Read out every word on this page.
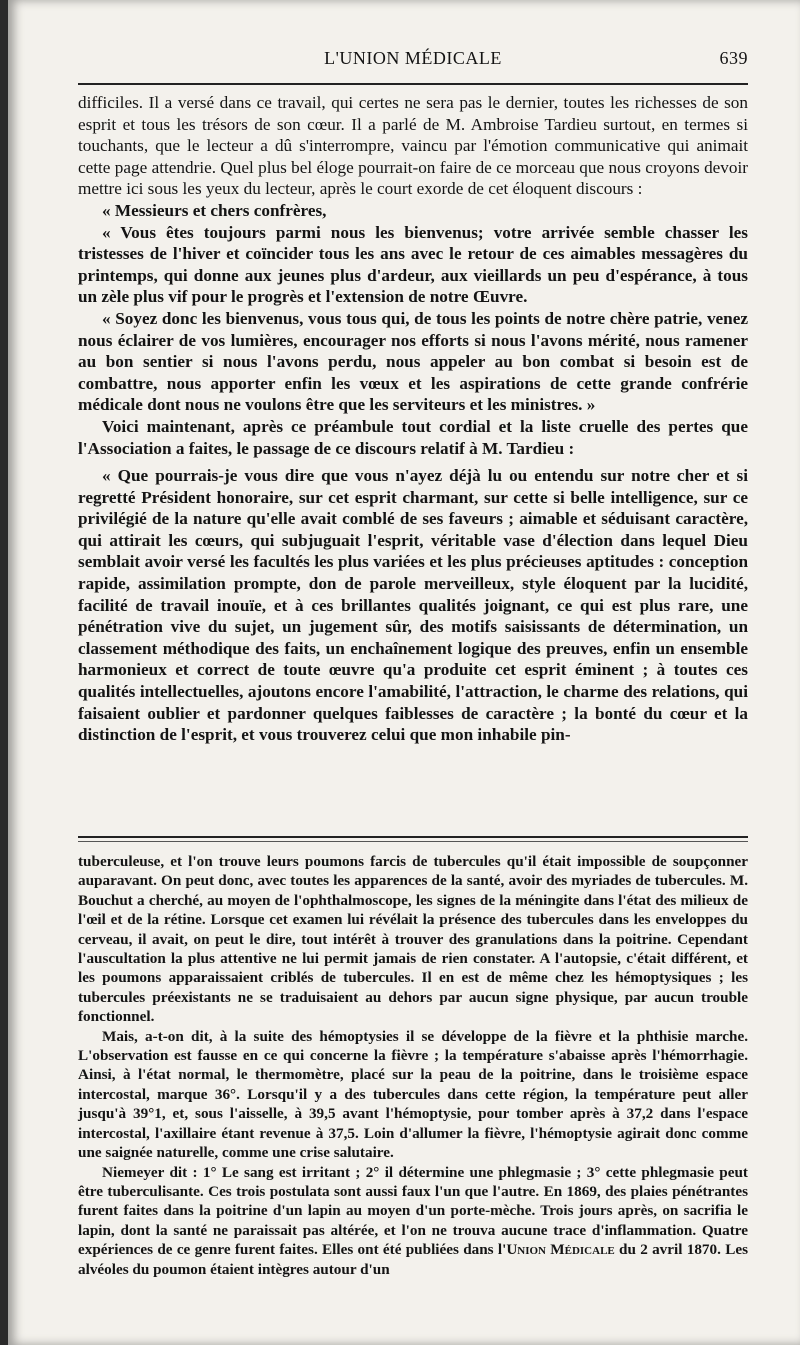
L'UNION MÉDICALE	639

difficiles. Il a versé dans ce travail, qui certes ne sera pas le dernier, toutes les richesses de son esprit et tous les trésors de son cœur. Il a parlé de M. Ambroise Tardieu surtout, en termes si touchants, que le lecteur a dû s'interrompre, vaincu par l'émotion communicative qui animait cette page attendrie. Quel plus bel éloge pourrait-on faire de ce morceau que nous croyons devoir mettre ici sous les yeux du lecteur, après le court exorde de cet éloquent discours :

« Messieurs et chers confrères,

« Vous êtes toujours parmi nous les bienvenus; votre arrivée semble chasser les tristesses de l'hiver et coïncider tous les ans avec le retour de ces aimables messagères du printemps, qui donne aux jeunes plus d'ardeur, aux vieillards un peu d'espérance, à tous un zèle plus vif pour le progrès et l'extension de notre Œuvre.

« Soyez donc les bienvenus, vous tous qui, de tous les points de notre chère patrie, venez nous éclairer de vos lumières, encourager nos efforts si nous l'avons mérité, nous ramener au bon sentier si nous l'avons perdu, nous appeler au bon combat si besoin est de combattre, nous apporter enfin les vœux et les aspirations de cette grande confrérie médicale dont nous ne voulons être que les serviteurs et les ministres. »

Voici maintenant, après ce préambule tout cordial et la liste cruelle des pertes que l'Association a faites, le passage de ce discours relatif à M. Tardieu :

« Que pourrais-je vous dire que vous n'ayez déjà lu ou entendu sur notre cher et si regretté Président honoraire, sur cet esprit charmant, sur cette si belle intelligence, sur ce privilégié de la nature qu'elle avait comblé de ses faveurs ; aimable et séduisant caractère, qui attirait les cœurs, qui subjuguait l'esprit, véritable vase d'élection dans lequel Dieu semblait avoir versé les facultés les plus variées et les plus précieuses aptitudes : conception rapide, assimilation prompte, don de parole merveilleux, style éloquent par la lucidité, facilité de travail inouïe, et à ces brillantes qualités joignant, ce qui est plus rare, une pénétration vive du sujet, un jugement sûr, des motifs saisissants de détermination, un classement méthodique des faits, un enchaînement logique des preuves, enfin un ensemble harmonieux et correct de toute œuvre qu'a produite cet esprit éminent ; à toutes ces qualités intellectuelles, ajoutons encore l'amabilité, l'attraction, le charme des relations, qui faisaient oublier et pardonner quelques faiblesses de caractère ; la bonté du cœur et la distinction de l'esprit, et vous trouverez celui que mon inhabile pin-

tuberculeuse, et l'on trouve leurs poumons farcis de tubercules qu'il était impossible de soupçonner auparavant. On peut donc, avec toutes les apparences de la santé, avoir des myriades de tubercules. M. Bouchut a cherché, au moyen de l'ophthalmoscope, les signes de la méningite dans l'état des milieux de l'œil et de la rétine. Lorsque cet examen lui révélait la présence des tubercules dans les enveloppes du cerveau, il avait, on peut le dire, tout intérêt à trouver des granulations dans la poitrine. Cependant l'auscultation la plus attentive ne lui permit jamais de rien constater. A l'autopsie, c'était différent, et les poumons apparaissaient criblés de tubercules. Il en est de même chez les hémoptysiques ; les tubercules préexistants ne se traduisaient au dehors par aucun signe physique, par aucun trouble fonctionnel.

Mais, a-t-on dit, à la suite des hémoptysies il se développe de la fièvre et la phthisie marche. L'observation est fausse en ce qui concerne la fièvre ; la température s'abaisse après l'hémorrhagie. Ainsi, à l'état normal, le thermomètre, placé sur la peau de la poitrine, dans le troisième espace intercostal, marque 36°. Lorsqu'il y a des tubercules dans cette région, la température peut aller jusqu'à 39°1, et, sous l'aisselle, à 39,5 avant l'hémoptysie, pour tomber après à 37,2 dans l'espace intercostal, l'axillaire étant revenue à 37,5. Loin d'allumer la fièvre, l'hémoptysie agirait donc comme une saignée naturelle, comme une crise salutaire.

Niemeyer dit : 1° Le sang est irritant ; 2° il détermine une phlegmasie ; 3° cette phlegmasie peut être tuberculisante. Ces trois postulata sont aussi faux l'un que l'autre. En 1869, des plaies pénétrantes furent faites dans la poitrine d'un lapin au moyen d'un porte-mèche. Trois jours après, on sacrifia le lapin, dont la santé ne paraissait pas altérée, et l'on ne trouva aucune trace d'inflammation. Quatre expériences de ce genre furent faites. Elles ont été publiées dans l'Union Médicale du 2 avril 1870. Les alvéoles du poumon étaient intègres autour d'un
